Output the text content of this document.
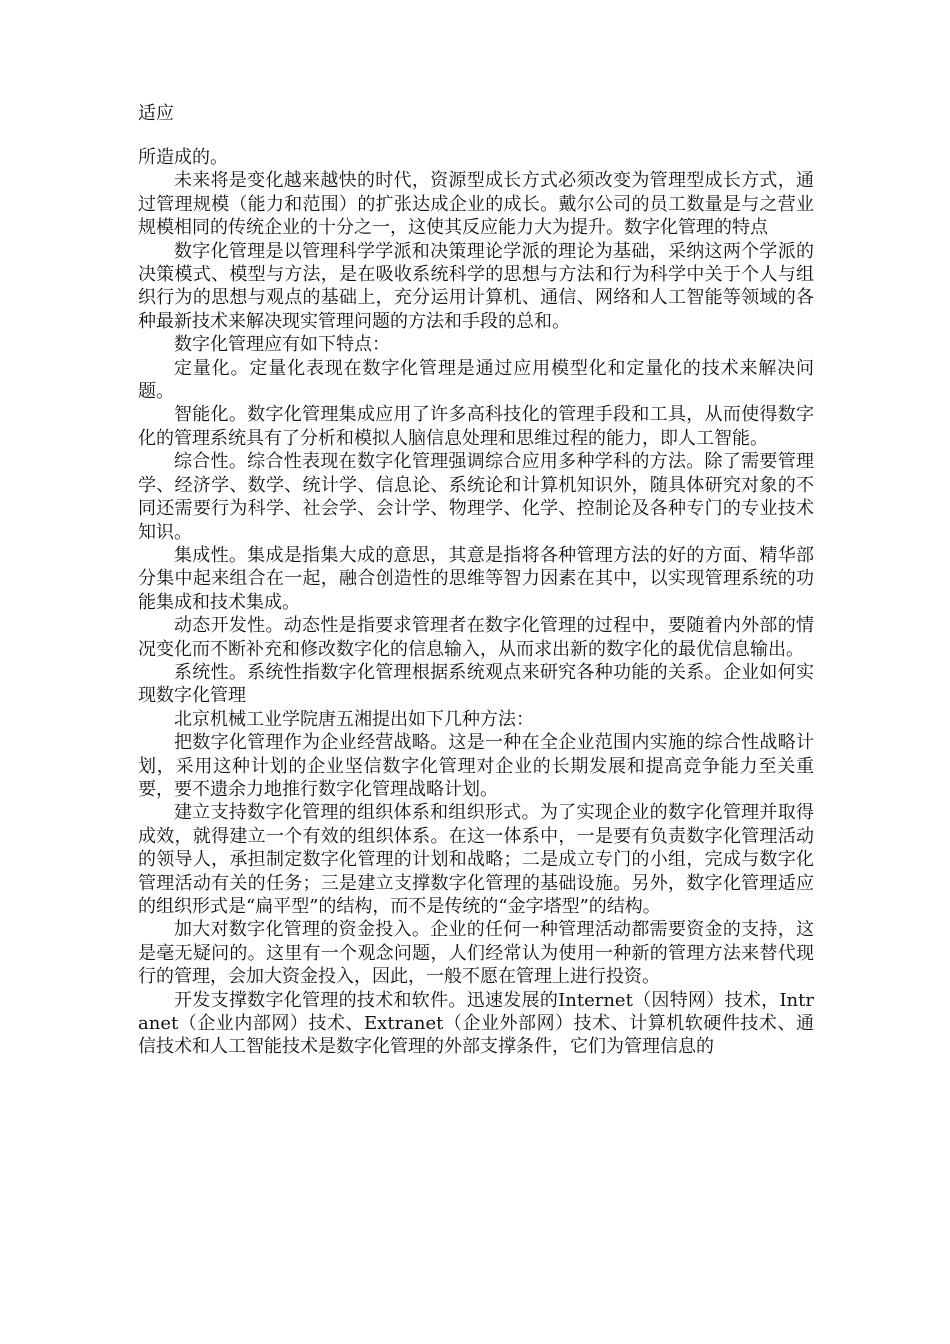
适应

所造成的。

未来将是变化越来越快的时代，资源型成长方式必须改变为管理型成长方式，通过管理规模（能力和范围）的扩张达成企业的成长。戴尔公司的员工数量是与之营业规模相同的传统企业的十分之一，这使其反应能力大为提升。数字化管理的特点

数字化管理是以管理科学学派和决策理论学派的理论为基础，采纳这两个学派的决策模式、模型与方法，是在吸收系统科学的思想与方法和行为科学中关于个人与组织行为的思想与观点的基础上，充分运用计算机、通信、网络和人工智能等领域的各种最新技术来解决现实管理问题的方法和手段的总和。

数字化管理应有如下特点：

定量化。定量化表现在数字化管理是通过应用模型化和定量化的技术来解决问题。

智能化。数字化管理集成应用了许多高科技化的管理手段和工具，从而使得数字化的管理系统具有了分析和模拟人脑信息处理和思维过程的能力，即人工智能。

综合性。综合性表现在数字化管理强调综合应用多种学科的方法。除了需要管理学、经济学、数学、统计学、信息论、系统论和计算机知识外，随具体研究对象的不同还需要行为科学、社会学、会计学、物理学、化学、控制论及各种专门的专业技术知识。

集成性。集成是指集大成的意思，其意是指将各种管理方法的好的方面、精华部分集中起来组合在一起，融合创造性的思维等智力因素在其中，以实现管理系统的功能集成和技术集成。

动态开发性。动态性是指要求管理者在数字化管理的过程中，要随着内外部的情况变化而不断补充和修改数字化的信息输入，从而求出新的数字化的最优信息输出。

系统性。系统性指数字化管理根据系统观点来研究各种功能的关系。企业如何实现数字化管理

北京机械工业学院唐五湘提出如下几种方法：

把数字化管理作为企业经营战略。这是一种在全企业范围内实施的综合性战略计划，采用这种计划的企业坚信数字化管理对企业的长期发展和提高竞争能力至关重要，要不遗余力地推行数字化管理战略计划。

建立支持数字化管理的组织体系和组织形式。为了实现企业的数字化管理并取得成效，就得建立一个有效的组织体系。在这一体系中，一是要有负责数字化管理活动的领导人，承担制定数字化管理的计划和战略；二是成立专门的小组，完成与数字化管理活动有关的任务；三是建立支撑数字化管理的基础设施。另外，数字化管理适应的组织形式是“扁平型”的结构，而不是传统的“金字塔型”的结构。

加大对数字化管理的资金投入。企业的任何一种管理活动都需要资金的支持，这是毫无疑问的。这里有一个观念问题，人们经常认为使用一种新的管理方法来替代现行的管理，会加大资金投入，因此，一般不愿在管理上进行投资。

开发支撑数字化管理的技术和软件。迅速发展的Internet（因特网）技术，Intranet（企业内部网）技术、Extranet（企业外部网）技术、计算机软硬件技术、通信技术和人工智能技术是数字化管理的外部支撑条件，它们为管理信息的
